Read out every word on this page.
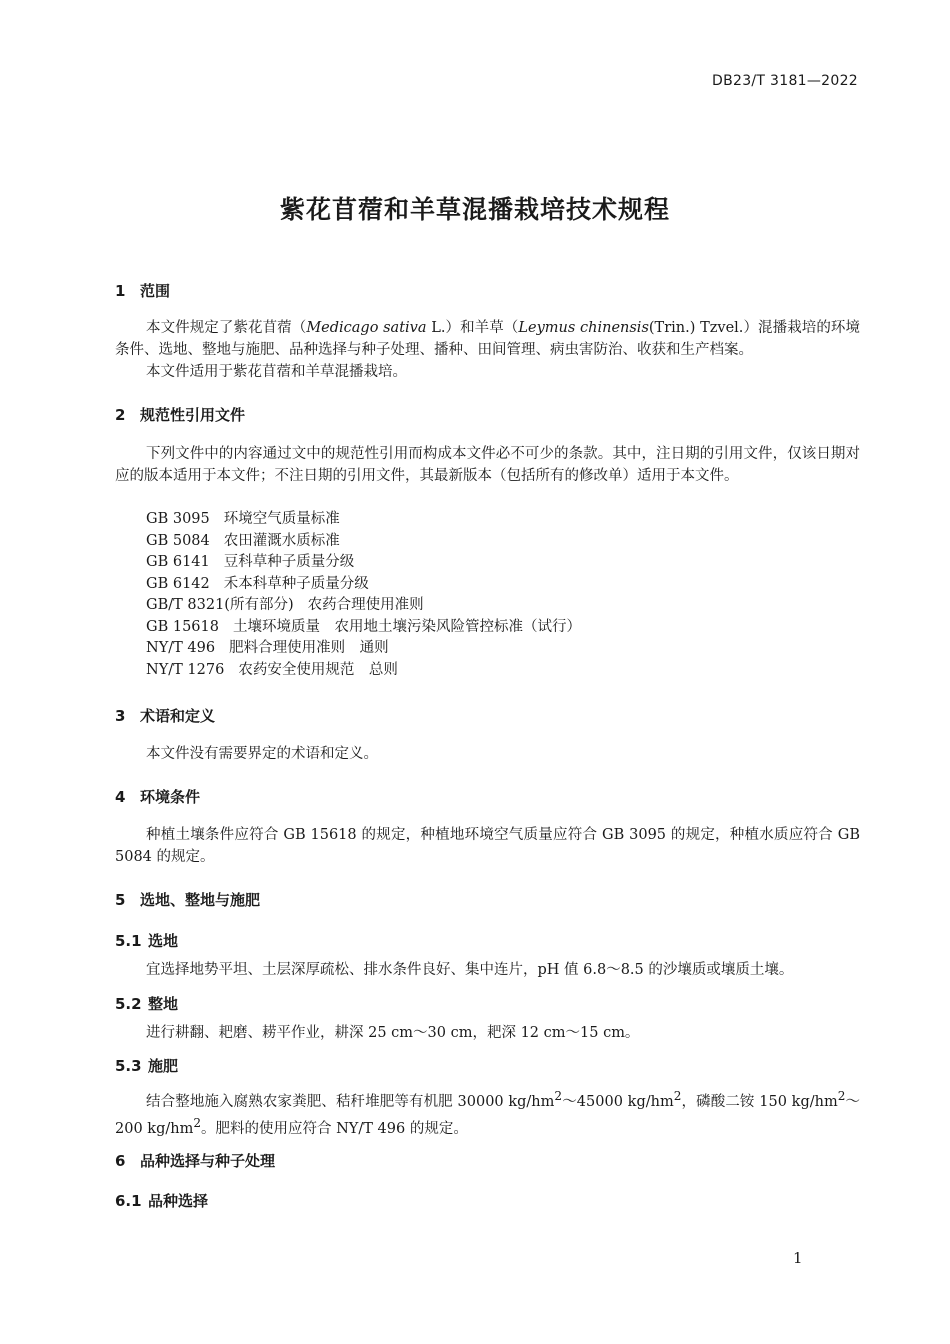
DB23/T 3181—2022
紫花苜蓿和羊草混播栽培技术规程
1 范围
本文件规定了紫花苜蓿（Medicago sativa L.）和羊草（Leymus chinensis(Trin.) Tzvel.）混播栽培的环境条件、选地、整地与施肥、品种选择与种子处理、播种、田间管理、病虫害防治、收获和生产档案。
本文件适用于紫花苜蓿和羊草混播栽培。
2 规范性引用文件
下列文件中的内容通过文中的规范性引用而构成本文件必不可少的条款。其中，注日期的引用文件，仅该日期对应的版本适用于本文件；不注日期的引用文件，其最新版本（包括所有的修改单）适用于本文件。
GB 3095 环境空气质量标准
GB 5084 农田灌溉水质标准
GB 6141 豆科草种子质量分级
GB 6142 禾本科草种子质量分级
GB/T 8321(所有部分) 农药合理使用准则
GB 15618 土壤环境质量　农用地土壤污染风险管控标准（试行）
NY/T 496 肥料合理使用准则　通则
NY/T 1276 农药安全使用规范　总则
3 术语和定义
本文件没有需要界定的术语和定义。
4 环境条件
种植土壤条件应符合 GB 15618 的规定，种植地环境空气质量应符合 GB 3095 的规定，种植水质应符合 GB 5084 的规定。
5 选地、整地与施肥
5.1 选地
宜选择地势平坦、土层深厚疏松、排水条件良好、集中连片，pH 值 6.8～8.5 的沙壤质或壤质土壤。
5.2 整地
进行耕翻、耙磨、耢平作业，耕深 25 cm～30 cm，耙深 12 cm～15 cm。
5.3 施肥
结合整地施入腐熟农家粪肥、秸秆堆肥等有机肥 30000 $kg/hm^2\sim 45000$ $kg/hm^2$，磷酸二铵 150 $kg/hm^2\sim 200$ $kg/hm^2$。肥料的使用应符合 NY/T 496 的规定。
6 品种选择与种子处理
6.1 品种选择
1
